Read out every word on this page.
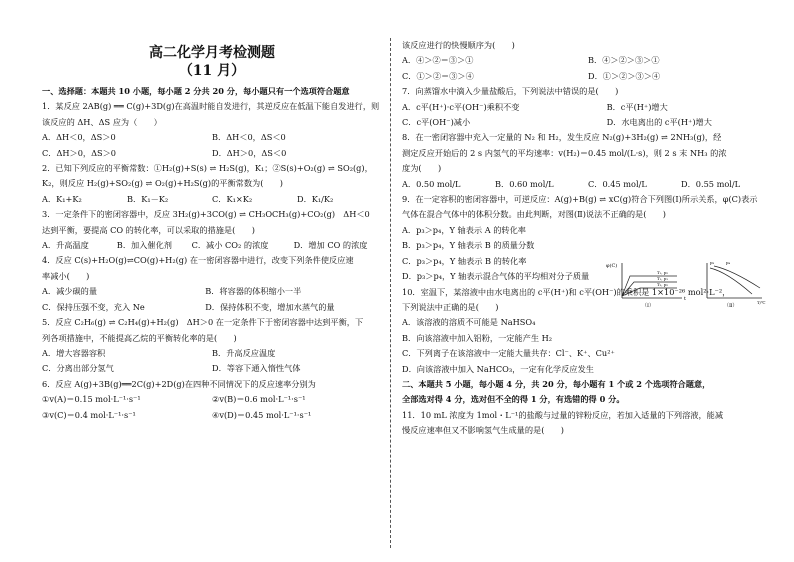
高二化学月考检测题
（11 月）
一、选择题：本题共 10 小题，每小题 2 分共 20 分，每小题只有一个选项符合题意
1．某反应 2AB(g) ══ C(g)+3D(g)在高温时能自发进行，其逆反应在低温下能自发进行，则该反应的 ΔH、ΔS 应为（　　）
A．ΔH＜0，ΔS＞0	B．ΔH＜0，ΔS＜0
C．ΔH＞0，ΔS＞0	D．ΔH＞0，ΔS＜0
2．已知下列反应的平衡常数：①H₂(g)+S(s) ⇌ H₂S(g)，K₁；②S(s)+O₂(g) ⇌ SO₂(g)，
K₂，则反应 H₂(g)+SO₂(g) ⇌ O₂(g)+H₂S(g)的平衡常数为(　　)
A．K₁+K₂	B．K₁－K₂	C．K₁×K₂	D．K₁/K₂
3．一定条件下的密闭容器中，反应 3H₂(g)+3CO(g) ⇌ CH₃OCH₃(g)+CO₂(g)　ΔH＜0
达到平衡，要提高 CO 的转化率，可以采取的措施是(　　)
A．升高温度	B．加入催化剂	C．减小 CO₂ 的浓度	D．增加 CO 的浓度
4．反应 C(s)+H₂O(g)⇌CO(g)+H₂(g) 在一密闭容器中进行，改变下列条件使反应速
率减小(　　)
A．减少碳的量	B．将容器的体积缩小一半
C．保持压强不变，充入 Ne	D．保持体积不变，增加水蒸气的量
5．反应 C₂H₆(g) ⇌ C₂H₄(g)+H₂(g)　ΔH＞0 在一定条件下于密闭容器中达到平衡，下
列各项措施中，不能提高乙烷的平衡转化率的是(　　)
A．增大容器容积	B．升高反应温度
C．分离出部分氢气	D．等容下通入惰性气体
6．反应 A(g)+3B(g)══2C(g)+2D(g)在四种不同情况下的反应速率分别为
①v(A)＝0.15 mol·L⁻¹·s⁻¹	②v(B)＝0.6 mol·L⁻¹·s⁻¹
③v(C)＝0.4 mol·L⁻¹·s⁻¹	④v(D)＝0.45 mol·L⁻¹·s⁻¹
该反应进行的快慢顺序为(　　)
A．④＞②＝③＞①	B．④＞②＞③＞①
C．①＞②＝③＞④	D．①＞②＞③＞④
7．向蒸馏水中滴入少量盐酸后，下列说法中错误的是(　　)
A．c平(H⁺)·c平(OH⁻)乘积不变	B．c平(H⁺)增大
C．c平(OH⁻)减小	D．水电离出的 c平(H⁺)增大
8．在一密闭容器中充入一定量的 N₂ 和 H₂，发生反应 N₂(g)+3H₂(g) ⇌ 2NH₃(g)，经
测定反应开始后的 2 s 内氢气的平均速率：v(H₂)＝0.45 mol/(L·s)，则 2 s 末 NH₃ 的浓
度为(　　)
A．0.50 mol/L	B．0.60 mol/L	C．0.45 mol/L	D．0.55 mol/L
9．在一定容积的密闭容器中，可逆反应：A(g)+B(g) ⇌ xC(g)符合下列图(Ⅰ)所示关系，φ(C)表示
气体在混合气体中的体积分数。由此判断，对图(Ⅱ)说法不正确的是(　　)
A．p₃＞p₄，Y 轴表示 A 的转化率
B．p₃＞p₄，Y 轴表示 B 的质量分数
C．p₃＞p₄，Y 轴表示 B 的转化率
D．p₃＞p₄，Y 轴表示混合气体的平均相对分子质量
φ(C)
t
T₁, p₂
T₁, p₁
T₂, p₂
（Ⅰ）
p₃	p₄
T/℃
（Ⅱ）
10．室温下，某溶液中由水电离出的 c平(H⁺)和 c平(OH⁻)的乘积是 1×10⁻²⁶ mol²·L⁻²，
下列说法中正确的是(　　)
A．该溶液的溶质不可能是 NaHSO₄
B．向该溶液中加入铝粉，一定能产生 H₂
C．下列离子在该溶液中一定能大量共存：Cl⁻、K⁺、Cu²⁺
D．向该溶液中加入 NaHCO₃，一定有化学反应发生
二、本题共 5 小题，每小题 4 分，共 20 分，每小题有 1 个或 2 个选项符合题意，
全部选对得 4 分，选对但不全的得 1 分，有选错的得 0 分。
11．10 mL 浓度为 1mol・L⁻¹的盐酸与过量的锌粉反应，若加入适量的下列溶液，能减
慢反应速率但又不影响氢气生成量的是(　　)
